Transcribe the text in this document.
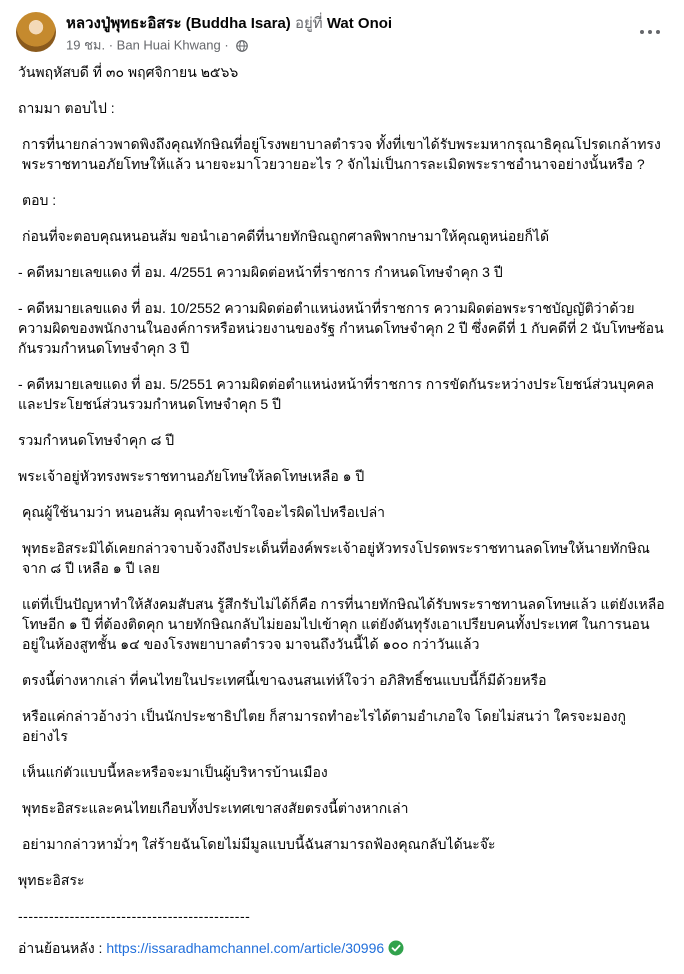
หลวงปู่พุทธะอิสระ (Buddha Isara) อยู่ที่ Wat Onoi
19 ชม. · Ban Huai Khwang ·

วันพฤหัสบดี ที่ ๓๐ พฤศจิกายน ๒๕๖๖

ถามมา ตอบไป :

การที่นายกล่าวพาดพิงถึงคุณทักษิณที่อยู่โรงพยาบาลตำรวจ ทั้งที่เขาได้รับพระมหากรุณาธิคุณโปรดเกล้าทรงพระราชทานอภัยโทษให้แล้ว นายจะมาโวยวายอะไร ? จักไม่เป็นการละเมิดพระราชอำนาจอย่างนั้นหรือ ?

ตอบ :

ก่อนที่จะตอบคุณหนอนส้ม ขอนำเอาคดีที่นายทักษิณถูกศาลพิพากษามาให้คุณดูหน่อยก็ได้

- คดีหมายเลขแดง ที่ อม. 4/2551 ความผิดต่อหน้าที่ราชการ กำหนดโทษจำคุก 3 ปี

- คดีหมายเลขแดง ที่ อม. 10/2552 ความผิดต่อตำแหน่งหน้าที่ราชการ ความผิดต่อพระราชบัญญัติว่าด้วยความผิดของพนักงานในองค์การหรือหน่วยงานของรัฐ กำหนดโทษจำคุก 2 ปี ซึ่งคดีที่ 1 กับคดีที่ 2 นับโทษซ้อนกันรวมกำหนดโทษจำคุก 3 ปี

- คดีหมายเลขแดง ที่ อม. 5/2551 ความผิดต่อตำแหน่งหน้าที่ราชการ การขัดกันระหว่างประโยชน์ส่วนบุคคลและประโยชน์ส่วนรวมกำหนดโทษจำคุก 5 ปี

รวมกำหนดโทษจำคุก ๘ ปี

พระเจ้าอยู่หัวทรงพระราชทานอภัยโทษให้ลดโทษเหลือ ๑ ปี

คุณผู้ใช้นามว่า หนอนส้ม คุณทำจะเข้าใจอะไรผิดไปหรือเปล่า

พุทธะอิสระมิได้เคยกล่าวจาบจ้วงถึงประเด็นที่องค์พระเจ้าอยู่หัวทรงโปรดพระราชทานลดโทษให้นายทักษิณจาก ๘ ปี เหลือ ๑ ปี เลย

แต่ที่เป็นปัญหาทำให้สังคมสับสน รู้สึกรับไม่ได้ก็คือ การที่นายทักษิณได้รับพระราชทานลดโทษแล้ว แต่ยังเหลือโทษอีก ๑ ปี ที่ต้องติดคุก นายทักษิณกลับไม่ยอมไปเข้าคุก แต่ยังดันทุรังเอาเปรียบคนทั้งประเทศ ในการนอนอยู่ในห้องสูทชั้น ๑๔ ของโรงพยาบาลตำรวจ มาจนถึงวันนี้ได้ ๑๐๐ กว่าวันแล้ว

ตรงนี้ต่างหากเล่า ที่คนไทยในประเทศนี้เขาฉงนสนเท่ห์ใจว่า อภิสิทธิ์ชนแบบนี้ก็มีด้วยหรือ

หรือแค่กล่าวอ้างว่า เป็นนักประชาธิปไตย ก็สามารถทำอะไรได้ตามอำเภอใจ โดยไม่สนว่า ใครจะมองกูอย่างไร

เห็นแก่ตัวแบบนี้หละหรือจะมาเป็นผู้บริหารบ้านเมือง

พุทธะอิสระและคนไทยเกือบทั้งประเทศเขาสงสัยตรงนี้ต่างหากเล่า

อย่ามากล่าวหามั่วๆ ใส่ร้ายฉันโดยไม่มีมูลแบบนี้ฉันสามารถฟ้องคุณกลับได้นะจ๊ะ

พุทธะอิสระ

---------------------------------------------

อ่านย้อนหลัง : https://issaradhamchannel.com/article/30996
